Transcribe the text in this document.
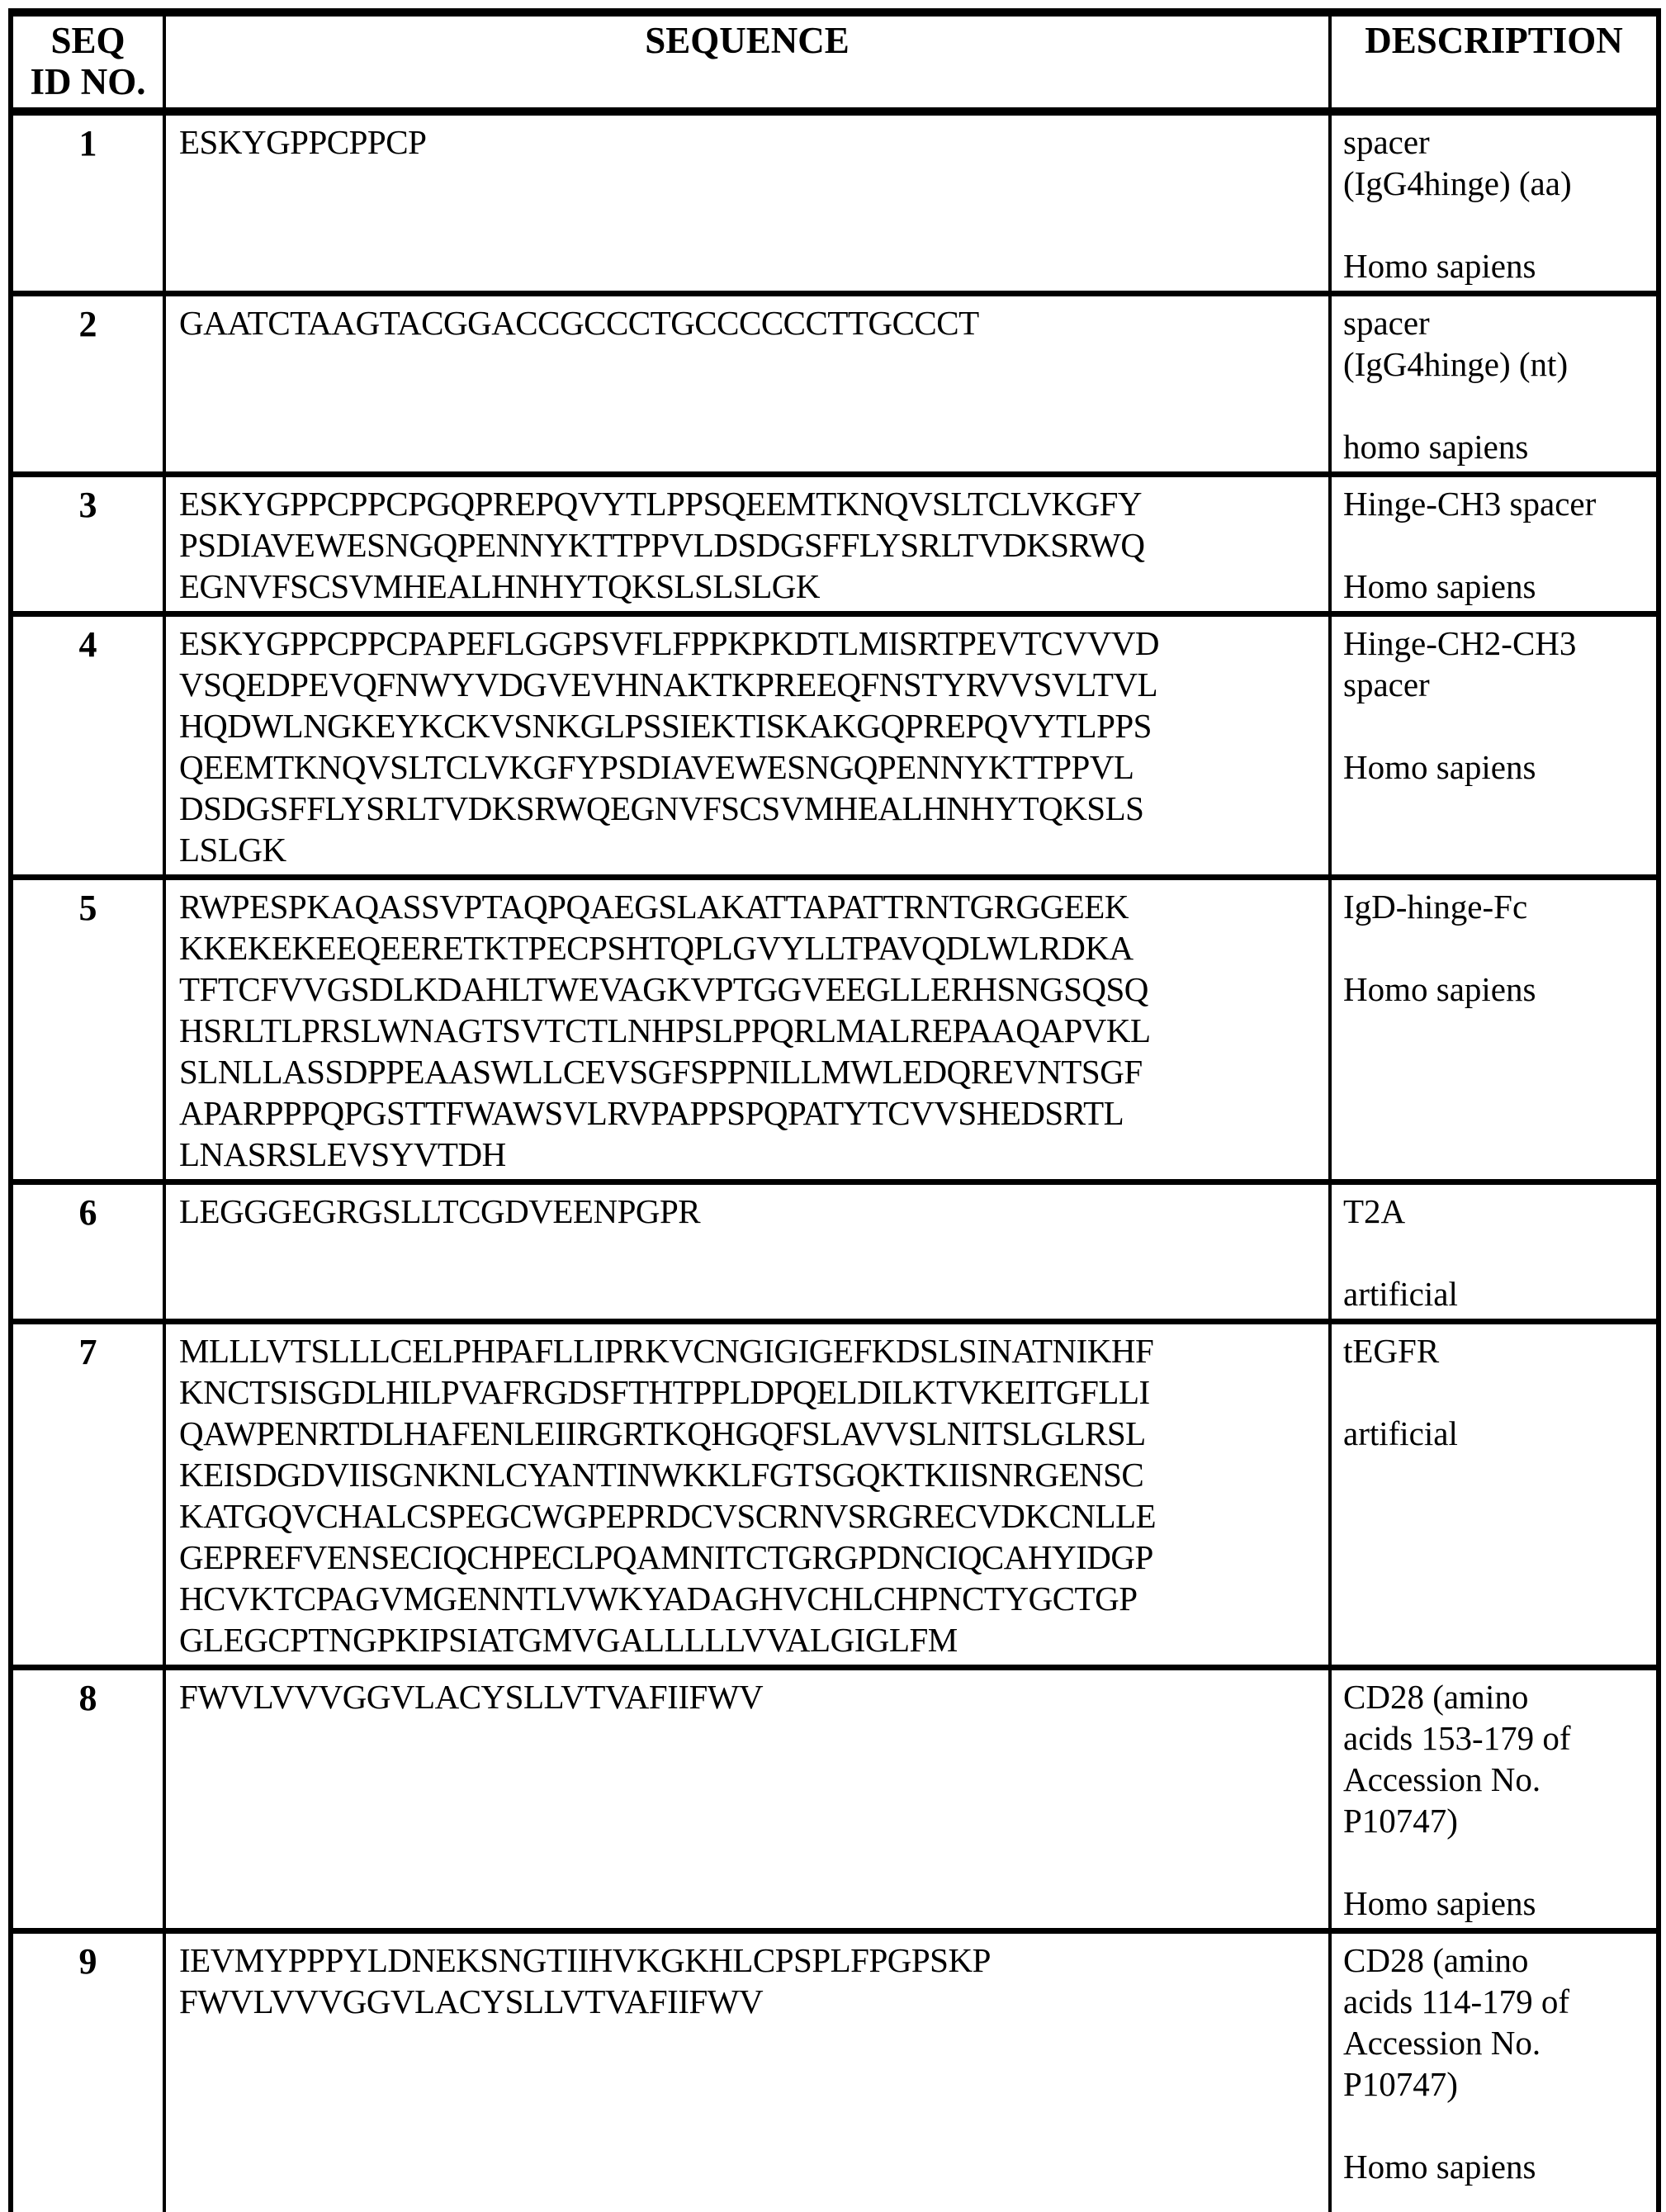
SEQ
ID NO.	SEQUENCE	DESCRIPTION
1	ESKYGPPCPPCP	spacer
(IgG4hinge) (aa)

Homo sapiens
2	GAATCTAAGTACGGACCGCCCTGCCCCCCTTGCCCT	spacer
(IgG4hinge) (nt)

homo sapiens
3	ESKYGPPCPPCPGQPREPQVYTLPPSQEEMTKNQVSLTCLVKGFY
PSDIAVEWESNGQPENNYKTTPPVLDSDGSFFLYSRLTVDKSRWQ
EGNVFSCSVMHEALHNHYTQKSLSLSLGK	Hinge-CH3 spacer

Homo sapiens
4	ESKYGPPCPPCPAPEFLGGPSVFLFPPKPKDTLMISRTPEVTCVVVD
VSQEDPEVQFNWYVDGVEVHNAKTKPREEQFNSTYRVVSVLTVL
HQDWLNGKEYKCKVSNKGLPSSIEKTISKAKGQPREPQVYTLPPS
QEEMTKNQVSLTCLVKGFYPSDIAVEWESNGQPENNYKTTPPVL
DSDGSFFLYSRLTVDKSRWQEGNVFSCSVMHEALHNHYTQKSLS
LSLGK	Hinge-CH2-CH3
spacer

Homo sapiens
5	RWPESPKAQASSVPTAQPQAEGSLAKATTAPATTRNTGRGGEEK
KKEKEKEEQEERETKTPECPSHTQPLGVYLLTPAVQDLWLRDKA
TFTCFVVGSDLKDAHLTWEVAGKVPTGGVEEGLLERHSNGSQSQ
HSRLTLPRSLWNAGTSVTCTLNHPSLPPQRLMALREPAAQAPVKL
SLNLLASSDPPEAASWLLCEVSGFSPPNILLMWLEDQREVNTSGF
APARPPPQPGSTTFWAWSVLRVPAPPSPQPATYTCVVSHEDSRTL
LNASRSLEVSYVTDH	IgD-hinge-Fc

Homo sapiens
6	LEGGGEGRGSLLTCGDVEENPGPR	T2A

artificial
7	MLLLVTSLLLCELPHPAFLLIPRKVCNGIGIGEFKDSLSINATNIKHF
KNCTSISGDLHILPVAFRGDSFTHTPPLDPQELDILKTVKEITGFLLI
QAWPENRTDLHAFENLEIIRGRTKQHGQFSLAVVSLNITSLGLRSL
KEISDGDVIISGNKNLCYANTINWKKLFGTSGQKTKIISNRGENSC
KATGQVCHALCSPEGCWGPEPRDCVSCRNVSRGRECVDKCNLLE
GEPREFVENSECIQCHPECLPQAMNITCTGRGPDNCIQCAHYIDGP
HCVKTCPAGVMGENNTLVWKYADAGHVCHLCHPNCTYGCTGP
GLEGCPTNGPKIPSIATGMVGALLLLLVVALGIGLFM	tEGFR

artificial
8	FWVLVVVGGVLACYSLLVTVAFIIFWV	CD28 (amino
acids 153-179 of
Accession No.
P10747)

Homo sapiens
9	IEVMYPPPYLDNEKSNGTIIHVKGKHLCPSPLFPGPSKP
FWVLVVVGGVLACYSLLVTVAFIIFWV	CD28 (amino
acids 114-179 of
Accession No.
P10747)

Homo sapiens
